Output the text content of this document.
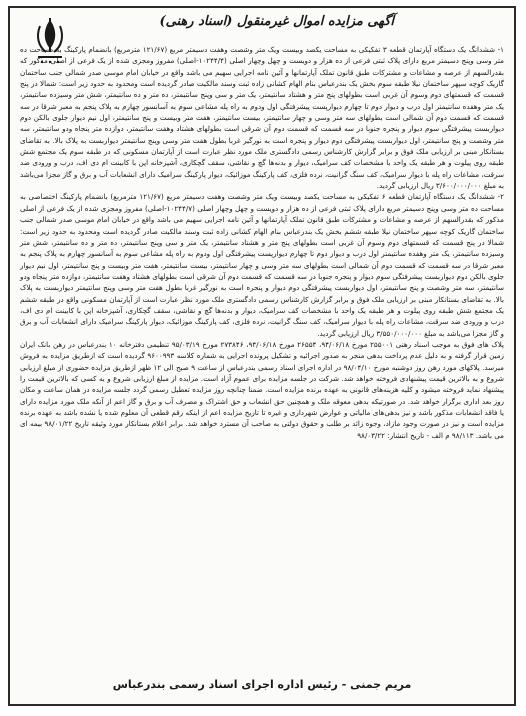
آگهی مزایده اموال غیرمنقول (اسناد رهنی)
۱- ششدانگ یک دستگاه آپارتمان قطعه ۳ تفکیکی به مساحت یکصد وبیست ویک متر وشصت وهفت دسیمتر مربع (۱۲۱/۶۷ مترمربع) بانضمام پارکینگ به مساحت ده متر وسی وپنج دسیمتر مربع دارای پلاک ثبتی فرعی از ده هزار و دویست و چهل وچهار اصلی (۱۰۲۴۴/۴-اصلی) مفروز ومجزی شده از یک فرعی از اصلی مذکور که بقدرالسهم از عرصه و مشاعات و مشترکات طبق قانون تملک آپارتمانها و آئین نامه اجرایی سهیم می باشد واقع در خیابان امام موسی صدر شمالی جنب ساختمان گاریک کوچه سپهر ساختمان نیلا طبقه سوم بخش یک بندرعباس بنام الهام کشانی زاده ثبت وسند مالکیت صادر گردیده است ومحدود به حدود زیر است: شمالا در پنج قسمت که قسمتهای دوم وسوم آن غربی است بطولهای پنج متر و هشتاد سانتیمتر، یک متر و سی وپنج سانتیمتر، ده متر و ده سانتیمتر، شش متر وسیزده سانتیمتر، یک متر وهفده سانتیمتر اول درب و دیوار دوم تا چهارم دیوارپست پیشرفتگی اول ودوم به راه پله مشاعی سوم به آسانسور چهارم به پلاک پنجم به معبر شرقا در سه قسمت که قسمت دوم آن شمالی است بطولهای سه متر وسی و چهار سانتیمتر، بیست سانتیمتر، هفت متر وبیست و پنج سانتیمتر، اول نیم دیوار جلوی بالکن دوم دیواربست پیشرفتگی سوم دیوار و پنجره جنوبا در سه قسمت که قسمت دوم آن شرقی است بطولهای هشتاد وهفت سانتیمتر، دوازده متر پنجاه ودو سانتیمتر، سه متر وشصت و پنج سانتیمتر، اول دیواربست پیشرفتگی دوم دیوار و پنجره است به نورگیر غربا بطول هفت متر وسی وپنج سانتیمتر دیواربست به پلاک بالا. به تقاضای بستانکار مبنی بر ارزیابی ملک فوق و برابر گزارش کارشناس رسمی دادگستری ملک مورد نظر عبارت است از آپارتمان مسکونی که در طبقه سوم یک مجتمع شش طبقه روی پیلوت و هر طبقه یک واحد با مشخصات کف سرامیک، دیوار و بدنه‌ها گچ و نقاشی، سقف گچکاری، آشپزخانه اپن با کابینت ام دی اف، درب و ورودی ضد سرقت، مشاعات راه پله با دیوار سرامیک، کف سنگ گرانیت، نرده فلزی، کف پارکینگ موزائیک، دیوار پارکینگ سرامیک دارای انشعابات آب و برق و گاز مجزا می‌باشد به مبلغ ۳/۶۰۰/۰۰۰/۰۰۰ ریال ارزیابی گردید.
۲- ششدانگ یک دستگاه آپارتمان قطعه ۶ تفکیکی به مساحت یکصد وبیست ویک متر وشصت وهفت دسیمتر مربع (۱۲۱/۶۷ مترمربع) بانضمام پارکینگ اختصاصی به مساحت ده متر وسی وپنج دسیمتر مربع دارای پلاک ثبتی فرعی از ده هزار و دویست و چهل وچهار اصلی (۱۰۲۴۴/۷-اصلی) مفروز ومجزی شده از یک فرعی از اصلی مذکور که بقدرالسهم از عرصه و مشاعات و مشترکات طبق قانون تملک آپارتمانها و آئین نامه اجرایی سهیم می باشد واقع در خیابان امام موسی صدر شمالی جنب ساختمان گاریک کوچه سپهر ساختمان نیلا طبقه ششم بخش یک بندرعباس بنام الهام کشانی زاده ثبت وسند مالکیت صادر گردیده است ومحدود به حدود زیر است: شمالا در پنج قسمت که قسمتهای دوم وسوم آن غربی است بطولهای پنج متر و هشتاد سانتیمتر، یک متر و سی وپنج سانتیمتر، ده متر و ده سانتیمتر، شش متر وسیزده سانتیمتر، یک متر وهفده سانتیمتر اول درب و دیوار دوم تا چهارم دیوارپست پیشرفتگی اول ودوم به راه پله مشاعی سوم به آسانسور چهارم به پلاک پنجم به معبر شرقا در سه قسمت که قسمت دوم آن شمالی است بطولهای سه متر وسی و چهار سانتیمتر، بیست سانتیمتر، هفت متر وبیست و پنج سانتیمتر، اول نیم دیوار جلوی بالکن دوم دیواربست پیشرفتگی سوم دیوار و پنجره جنوبا در سه قسمت که قسمت دوم آن شرقی است بطولهای هشتاد وهفت سانتیمتر، دوازده متر پنجاه ودو سانتیمتر، سه متر وشصت و پنج سانتیمتر، اول دیواربست پیشرفتگی دوم دیوار و پنجره است به نورگیر غربا بطول هفت متر وسی وپنج سانتیمتر دیواربست به پلاک بالا. به تقاضای بستانکار مبنی بر ارزیابی ملک فوق و برابر گزارش کارشناس رسمی دادگستری ملک مورد نظر عبارت است از آپارتمان مسکونی واقع در طبقه ششم یک مجتمع شش طبقه روی پیلوت و هر طبقه یک واحد با مشخصات کف سرامیک، دیوار و بدنه‌ها گچ و نقاشی، سقف گچکاری، آشپزخانه اپن با کابینت ام دی اف، درب و ورودی ضد سرقت، مشاعات راه پله با دیوار سرامیک، کف سنگ گرانیت، نرده فلزی، کف پارکینگ موزائیک، دیوار پارکینگ سرامیک دارای انشعابات آب و برق و گاز مجزا می‌باشد به مبلغ ۳/۵۵۰/۰۰۰/۰۰۰ ریال ارزیابی گردید.
پلاک های فوق به موجب اسناد رهنی ۲۵۵۰۰۱ مورخ ۹۴/۰۶/۱۸، ۲۶۵۵۴ مورخ ۹۴/۰۶/۱۸، ۲۷۳۸۴۶ مورخ ۹۵/۰۳/۱۹ تنظیمی دفترخانه ۱۰ بندرعباس در رهن بانک ایران زمین قرار گرفته و به دلیل عدم پرداخت بدهی منجر به صدور اجرائیه و تشکیل پرونده اجرایی به شماره کلاسه ۹۶۰۰۹۹۳ گردیده است که ازطریق مزایده به فروش میرسد. پلاکهای مورد رهن روز دوشنبه مورخ ۹۸/۰۴/۱۰ در اداره اجرای اسناد رسمی بندرعباس از ساعت ۹ صبح الی ۱۲ ظهر ازطریق مزایده حضوری از مبلغ ارزیابی شروع و به بالاترین قیمت پیشنهادی فروخته خواهد شد. شرکت در جلسه مزایده برای عموم آزاد است. مزایده از مبلغ ارزیابی شروع و به کسی که بالاترین قیمت را پیشنهاد نماید فروخته میشود و کلیه هزینه‌های قانونی به عهده برنده مزایده است. ضمنا چنانچه روز مزایده تعطیل رسمی گردد جلسه مزایده در همان ساعت و مکان روز بعد اداری برگزار خواهد شد. در صورتیکه بدهی معوقه ملک و همچنین حق انشعاب و حق اشتراک و مصرف آب و برق و گاز اعم از آنکه ملک مورد مزایده دارای یا فاقد انشعابات مذکور باشد و نیز بدهی‌های مالیاتی و عوارض شهرداری و غیره تا تاریخ مزایده اعم از اینکه رقم قطعی آن معلوم شده یا نشده باشد به عهده برنده مزایده است و نیز در صورت وجود مازاد، وجوه زائد بر طلب و حقوق دولتی به صاحب آن مسترد خواهد شد. برابر اعلام بستانکار مورد وثیقه تاریخ ۹۸/۰۱/۲۲ بیمه ای می باشد. ۹۸/۱۱۳ م الف - تاریخ انتشار: ۹۸/۰۳/۲۲
مریم جمنی - رئیس اداره اجرای اسناد رسمی بندرعباس
